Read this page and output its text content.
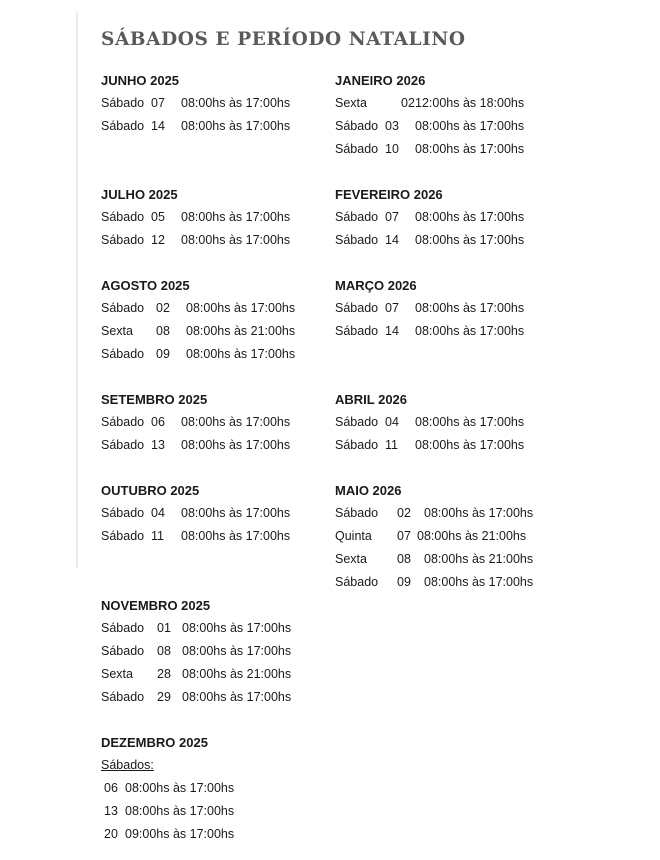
SÁBADOS E PERÍODO NATALINO
JUNHO 2025
Sábado 07	08:00hs às 17:00hs
Sábado 14	08:00hs às 17:00hs
JULHO 2025
Sábado 05	08:00hs às 17:00hs
Sábado 12	08:00hs às 17:00hs
AGOSTO 2025
Sábado 02	08:00hs às 17:00hs
Sexta	08	08:00hs às 21:00hs
Sábado 09	08:00hs às 17:00hs
SETEMBRO 2025
Sábado 06	08:00hs às 17:00hs
Sábado 13	08:00hs às 17:00hs
OUTUBRO 2025
Sábado 04	08:00hs às 17:00hs
Sábado 11	08:00hs às 17:00hs
NOVEMBRO 2025
Sábado	01 08:00hs às 17:00hs
Sábado	08 08:00hs às 17:00hs
Sexta	28 08:00hs às 21:00hs
Sábado	29 08:00hs às 17:00hs
DEZEMBRO 2025
Sábados:
06 08:00hs às 17:00hs
13 08:00hs às 17:00hs
20 09:00hs às 17:00hs
JANEIRO 2026
Sexta	02 12:00hs às 18:00hs
Sábado 03	08:00hs às 17:00hs
Sábado 10	08:00hs às 17:00hs
FEVEREIRO 2026
Sábado 07	08:00hs às 17:00hs
Sábado 14	08:00hs às 17:00hs
MARÇO 2026
Sábado 07	08:00hs às 17:00hs
Sábado 14	08:00hs às 17:00hs
ABRIL 2026
Sábado 04	08:00hs às 17:00hs
Sábado 11	08:00hs às 17:00hs
MAIO 2026
Sábado	02	08:00hs às 17:00hs
Quinta	07 08:00hs às 21:00hs
Sexta	08	08:00hs às 21:00hs
Sábado	09	08:00hs às 17:00hs
